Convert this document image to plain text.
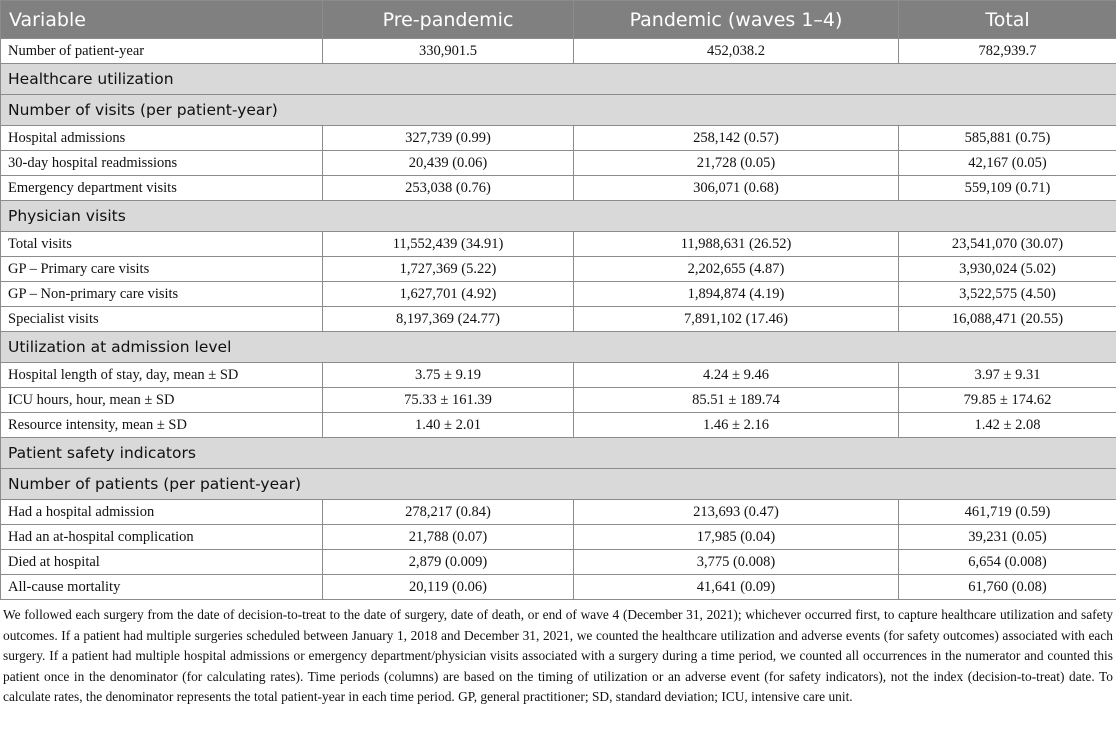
Variable	Pre-pandemic	Pandemic (waves 1–4)	Total
Number of patient-year	330,901.5	452,038.2	782,939.7
Healthcare utilization			
Number of visits (per patient-year)			
Hospital admissions	327,739 (0.99)	258,142 (0.57)	585,881 (0.75)
30-day hospital readmissions	20,439 (0.06)	21,728 (0.05)	42,167 (0.05)
Emergency department visits	253,038 (0.76)	306,071 (0.68)	559,109 (0.71)
Physician visits			
Total visits	11,552,439 (34.91)	11,988,631 (26.52)	23,541,070 (30.07)
GP – Primary care visits	1,727,369 (5.22)	2,202,655 (4.87)	3,930,024 (5.02)
GP – Non-primary care visits	1,627,701 (4.92)	1,894,874 (4.19)	3,522,575 (4.50)
Specialist visits	8,197,369 (24.77)	7,891,102 (17.46)	16,088,471 (20.55)
Utilization at admission level			
Hospital length of stay, day, mean ± SD	3.75 ± 9.19	4.24 ± 9.46	3.97 ± 9.31
ICU hours, hour, mean ± SD	75.33 ± 161.39	85.51 ± 189.74	79.85 ± 174.62
Resource intensity, mean ± SD	1.40 ± 2.01	1.46 ± 2.16	1.42 ± 2.08
Patient safety indicators			
Number of patients (per patient-year)			
Had a hospital admission	278,217 (0.84)	213,693 (0.47)	461,719 (0.59)
Had an at-hospital complication	21,788 (0.07)	17,985 (0.04)	39,231 (0.05)
Died at hospital	2,879 (0.009)	3,775 (0.008)	6,654 (0.008)
All-cause mortality	20,119 (0.06)	41,641 (0.09)	61,760 (0.08)

We followed each surgery from the date of decision-to-treat to the date of surgery, date of death, or end of wave 4 (December 31, 2021); whichever occurred first, to capture healthcare utilization and safety outcomes. If a patient had multiple surgeries scheduled between January 1, 2018 and December 31, 2021, we counted the healthcare utilization and adverse events (for safety outcomes) associated with each surgery. If a patient had multiple hospital admissions or emergency department/physician visits associated with a surgery during a time period, we counted all occurrences in the numerator and counted this patient once in the denominator (for calculating rates). Time periods (columns) are based on the timing of utilization or an adverse event (for safety indicators), not the index (decision-to-treat) date. To calculate rates, the denominator represents the total patient-year in each time period. GP, general practitioner; SD, standard deviation; ICU, intensive care unit.
